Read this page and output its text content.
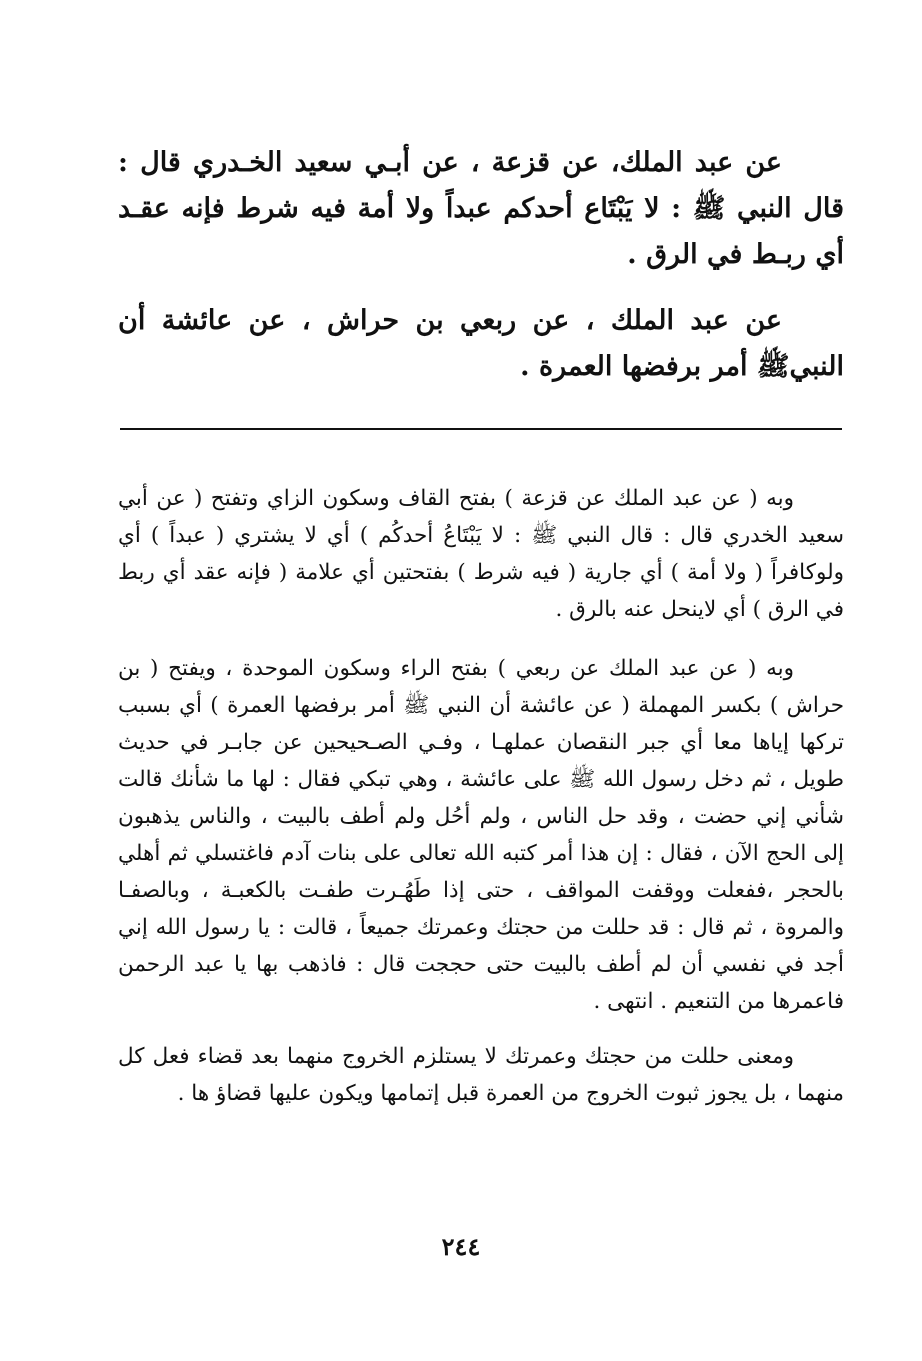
عن عبد الملك، عن قزعة ، عن أبـي سعيد الخـدري قال : قال النبي ﷺ : لا يَبْتَاع أحدكم عبداً ولا أمة فيه شرط فإنه عقـد أي ربـط في الرق .

عن عبد الملك ، عن ربعي بن حراش ، عن عائشة أن النبيﷺ أمر برفضها العمرة .

وبه ( عن عبد الملك عن قزعة ) بفتح القاف وسكون الزاي وتفتح ( عن أبي سعيد الخدري قال : قال النبي ﷺ : لا يَبْتَاعُ أحدكُم ) أي لا يشتري ( عبداً ) أي ولوكافراً ( ولا أمة ) أي جارية ( فيه شرط ) بفتحتين أي علامة ( فإنه عقد أي ربط في الرق ) أي لاينحل عنه بالرق .

وبه ( عن عبد الملك عن ربعي ) بفتح الراء وسكون الموحدة ، ويفتح ( بن حراش ) بكسر المهملة ( عن عائشة أن النبي ﷺ أمر برفضها العمرة ) أي بسبب تركها إياها معا أي جبر النقصان عملهـا ، وفـي الصـحيحين عن جابـر في حديث طويل ، ثم دخل رسول الله ﷺ على عائشة ، وهي تبكي فقال : لها ما شأنك قالت شأني إني حضت ، وقد حل الناس ، ولم أحُل ولم أطف بالبيت ، والناس يذهبون إلى الحج الآن ، فقال : إن هذا أمر كتبه الله تعالى على بنات آدم فاغتسلي ثم أهلي بالحجر ،ففعلت ووقفت المواقف ، حتى إذا طَهُـرت طفـت بالكعبـة ، وبالصفـا والمروة ، ثم قال : قد حللت من حجتك وعمرتك جميعاً ، قالت : يا رسول الله إني أجد في نفسي أن لم أطف بالبيت حتى حججت قال : فاذهب بها يا عبد الرحمن فاعمرها من التنعيم . انتهى .

ومعنى حللت من حجتك وعمرتك لا يستلزم الخروج منهما بعد قضاء فعل كل منهما ، بل يجوز ثبوت الخروج من العمرة قبل إتمامها ويكون عليها قضاؤ ها .

٢٤٤
